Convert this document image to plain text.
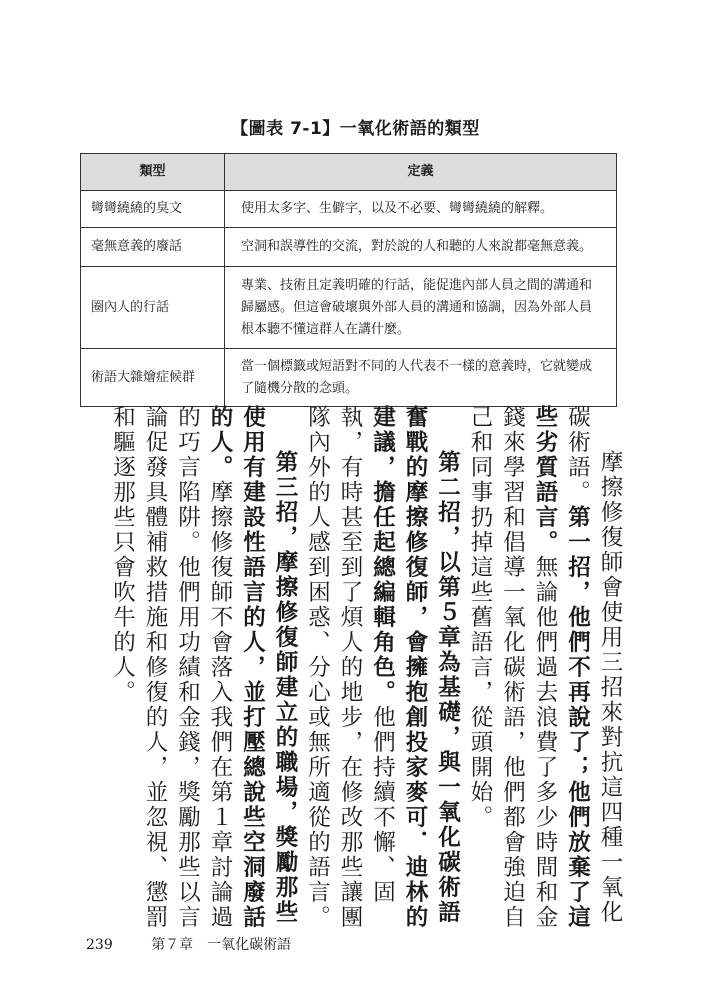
【圖表 7-1】一氧化術語的類型
類型	定義
彎彎繞繞的臭文	使用太多字、生僻字，以及不必要、彎彎繞繞的解釋。
毫無意義的廢話	空洞和誤導性的交流，對於說的人和聽的人來說都毫無意義。
圈內人的行話	專業、技術且定義明確的行話，能促進內部人員之間的溝通和歸屬感。但這會破壞與外部人員的溝通和協調，因為外部人員根本聽不懂這群人在講什麼。
術語大雜燴症候群	當一個標籤或短語對不同的人代表不一樣的意義時，它就變成了隨機分散的念頭。

摩擦修復師會使用三招來對抗這四種一氧化碳術語。第一招，他們不再說了；他們放棄了這些劣質語言。無論他們過去浪費了多少時間和金錢來學習和倡導一氧化碳術語，他們都會強迫自己和同事扔掉這些舊語言，從頭開始。

第二招，以第５章為基礎，與一氧化碳術語奮戰的摩擦修復師，會擁抱創投家麥可．迪林的建議，擔任起總編輯角色。他們持續不懈、固執，有時甚至到了煩人的地步，在修改那些讓團隊內外的人感到困惑、分心或無所適從的語言。

第三招，摩擦修復師建立的職場，獎勵那些使用有建設性語言的人，並打壓總說些空洞廢話的人。摩擦修復師不會落入我們在第１章討論過的巧言陷阱。他們用功績和金錢，獎勵那些以言論促發具體補救措施和修復的人，並忽視、懲罰和驅逐那些只會吹牛的人。

239	第７章　一氧化碳術語
